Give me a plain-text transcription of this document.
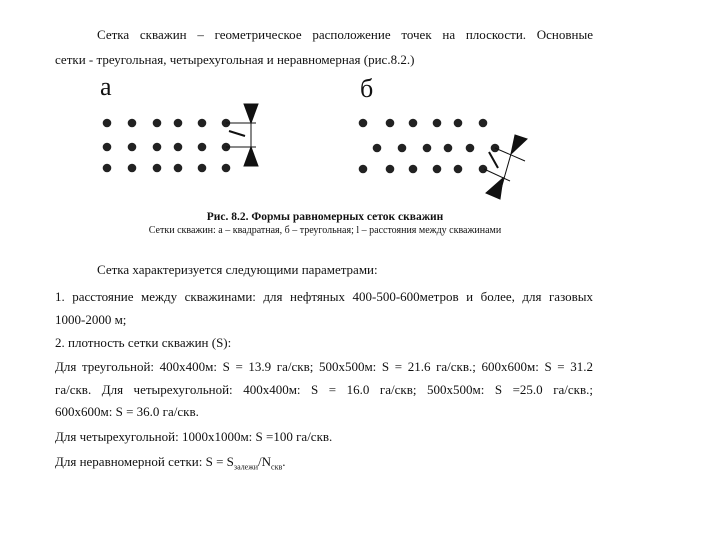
Сетка скважин – геометрическое расположение точек на плоскости. Основные
сетки - треугольная, четырехугольная и неравномерная (рис.8.2.)
а	б
Рис. 8.2. Формы равномерных сеток скважин
Сетки скважин: а – квадратная, б – треугольная; l – расстояния между скважинами
Сетка характеризуется следующими параметрами:
1. расстояние между скважинами: для нефтяных 400-500-600метров и более, для газовых
1000-2000 м;
2. плотность сетки скважин (S):
Для треугольной: 400х400м: S = 13.9 га/скв; 500х500м: S = 21.6 га/скв.; 600х600м: S = 31.2
га/скв. Для четырехугольной: 400х400м: S = 16.0 га/скв; 500х500м: S =25.0 га/скв.;
600х600м: S = 36.0 га/скв.
Для четырехугольной: 1000х1000м: S =100 га/скв.
Для неравномерной сетки: $S = S_{залежи}/N_{скв}$.
